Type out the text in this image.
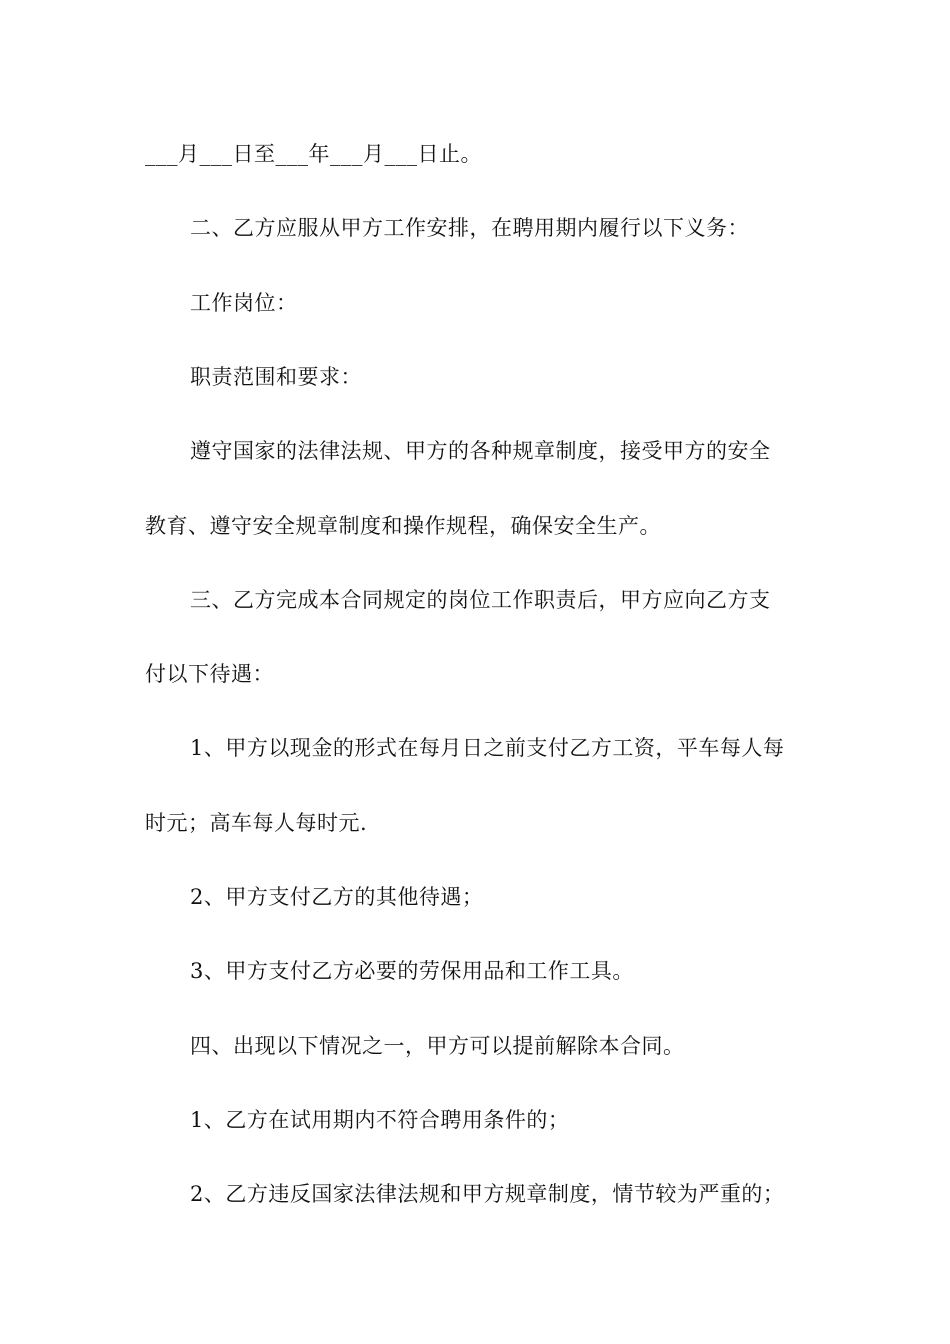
___月___日至___年___月___日止。
二、乙方应服从甲方工作安排，在聘用期内履行以下义务：
工作岗位：
职责范围和要求：
遵守国家的法律法规、甲方的各种规章制度，接受甲方的安全
教育、遵守安全规章制度和操作规程，确保安全生产。
三、乙方完成本合同规定的岗位工作职责后，甲方应向乙方支
付以下待遇：
1、甲方以现金的形式在每月日之前支付乙方工资，平车每人每
时元；高车每人每时元.
2、甲方支付乙方的其他待遇；
3、甲方支付乙方必要的劳保用品和工作工具。
四、出现以下情况之一，甲方可以提前解除本合同。
1、乙方在试用期内不符合聘用条件的；
2、乙方违反国家法律法规和甲方规章制度，情节较为严重的；
